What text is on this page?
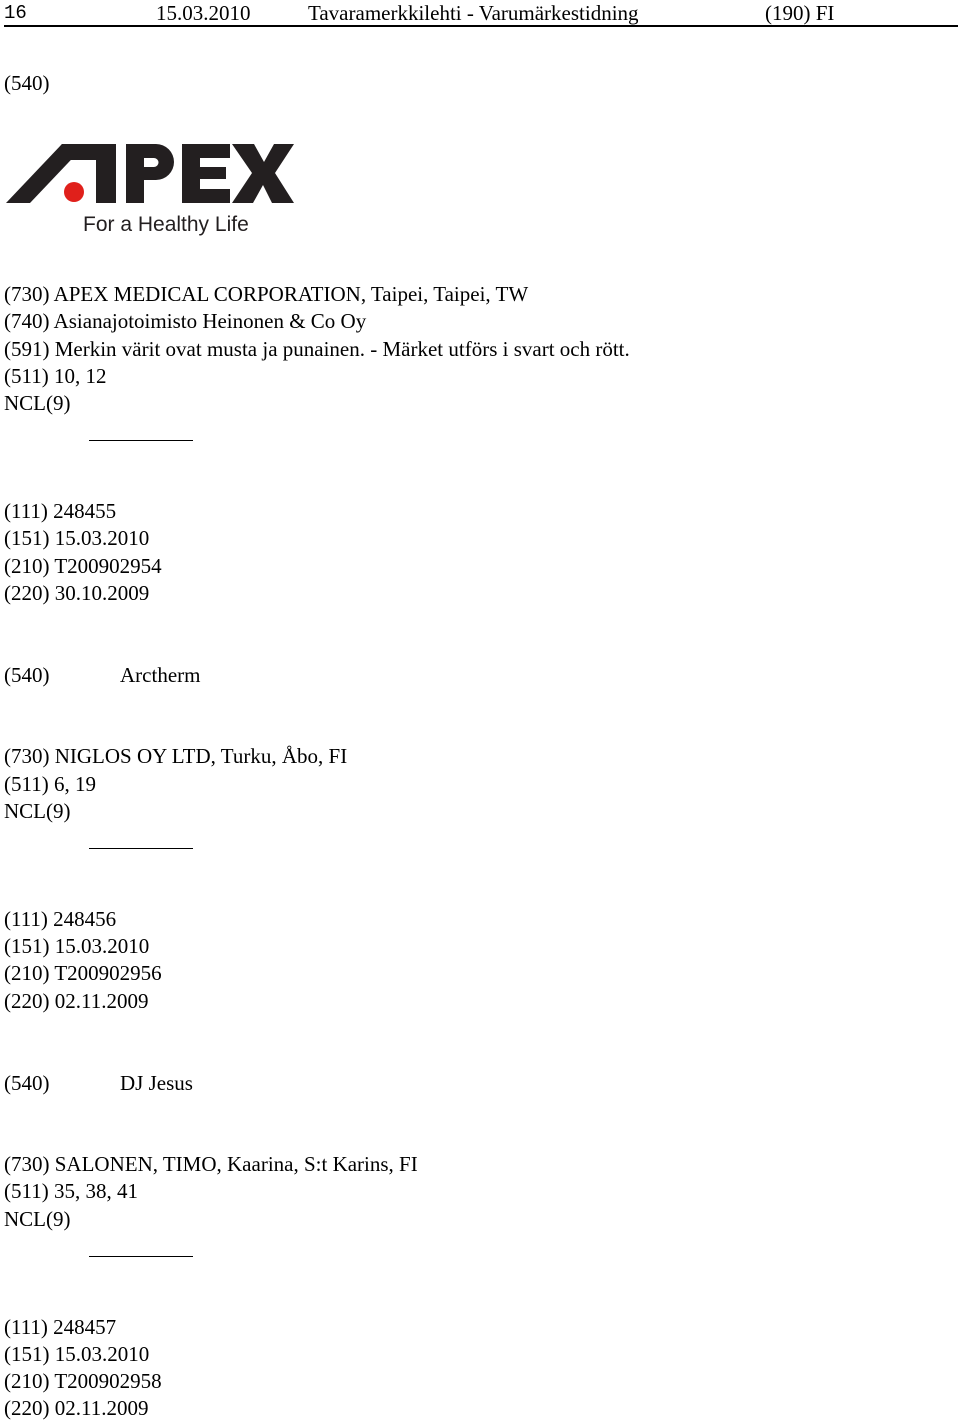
16	15.03.2010	Tavaramerkkilehti - Varumärkestidning	(190) FI
(540)
For a Healthy Life
(730) APEX MEDICAL CORPORATION, Taipei, Taipei, TW
(740) Asianajotoimisto Heinonen & Co Oy
(591) Merkin värit ovat musta ja punainen. - Märket utförs i svart och rött.
(511) 10, 12
NCL(9)
(111) 248455
(151) 15.03.2010
(210) T200902954
(220) 30.10.2009
(540)	Arctherm
(730) NIGLOS OY LTD, Turku, Åbo, FI
(511) 6, 19
NCL(9)
(111) 248456
(151) 15.03.2010
(210) T200902956
(220) 02.11.2009
(540)	DJ Jesus
(730) SALONEN, TIMO, Kaarina, S:t Karins, FI
(511) 35, 38, 41
NCL(9)
(111) 248457
(151) 15.03.2010
(210) T200902958
(220) 02.11.2009
